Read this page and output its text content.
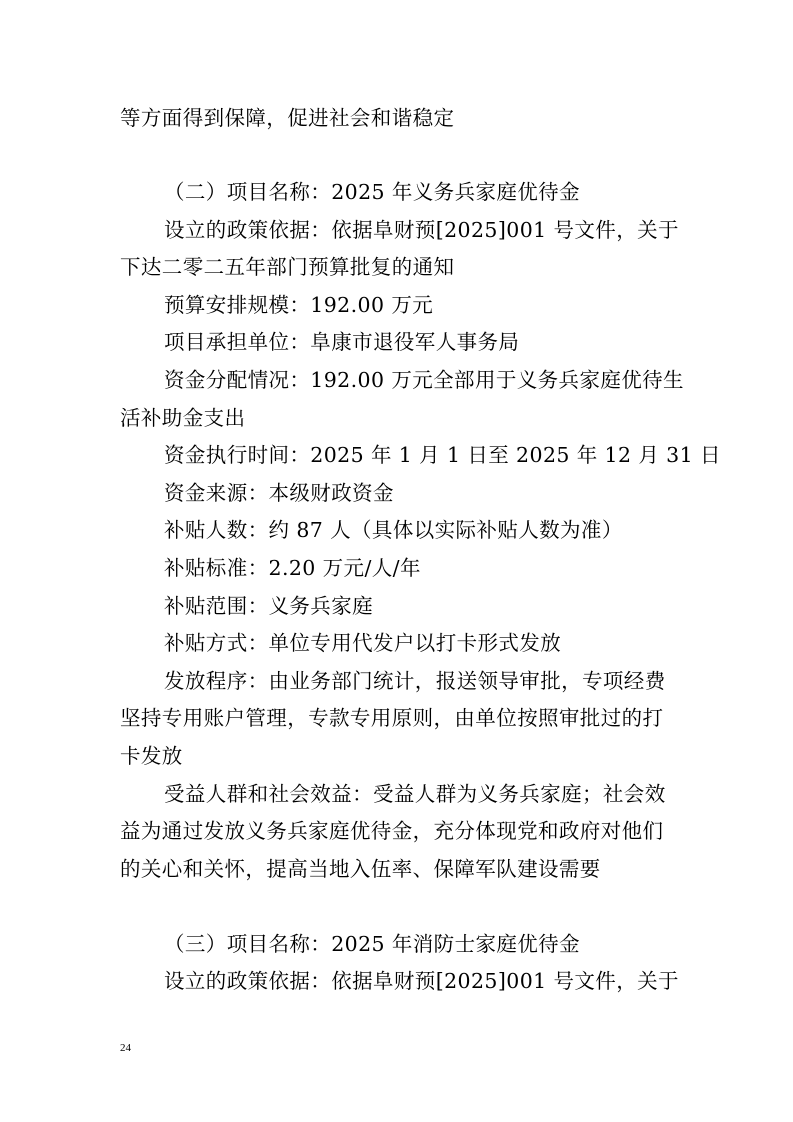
等方面得到保障，促进社会和谐稳定
（二）项目名称：2025 年义务兵家庭优待金
设立的政策依据：依据阜财预[2025]001 号文件，关于
下达二零二五年部门预算批复的通知
预算安排规模：192.00 万元
项目承担单位：阜康市退役军人事务局
资金分配情况：192.00 万元全部用于义务兵家庭优待生
活补助金支出
资金执行时间：2025 年 1 月 1 日至 2025 年 12 月 31 日
资金来源：本级财政资金
补贴人数：约 87 人（具体以实际补贴人数为准）
补贴标准：2.20 万元/人/年
补贴范围：义务兵家庭
补贴方式：单位专用代发户以打卡形式发放
发放程序：由业务部门统计，报送领导审批，专项经费
坚持专用账户管理，专款专用原则，由单位按照审批过的打
卡发放
受益人群和社会效益：受益人群为义务兵家庭；社会效
益为通过发放义务兵家庭优待金，充分体现党和政府对他们
的关心和关怀，提高当地入伍率、保障军队建设需要
（三）项目名称：2025 年消防士家庭优待金
设立的政策依据：依据阜财预[2025]001 号文件，关于
24
